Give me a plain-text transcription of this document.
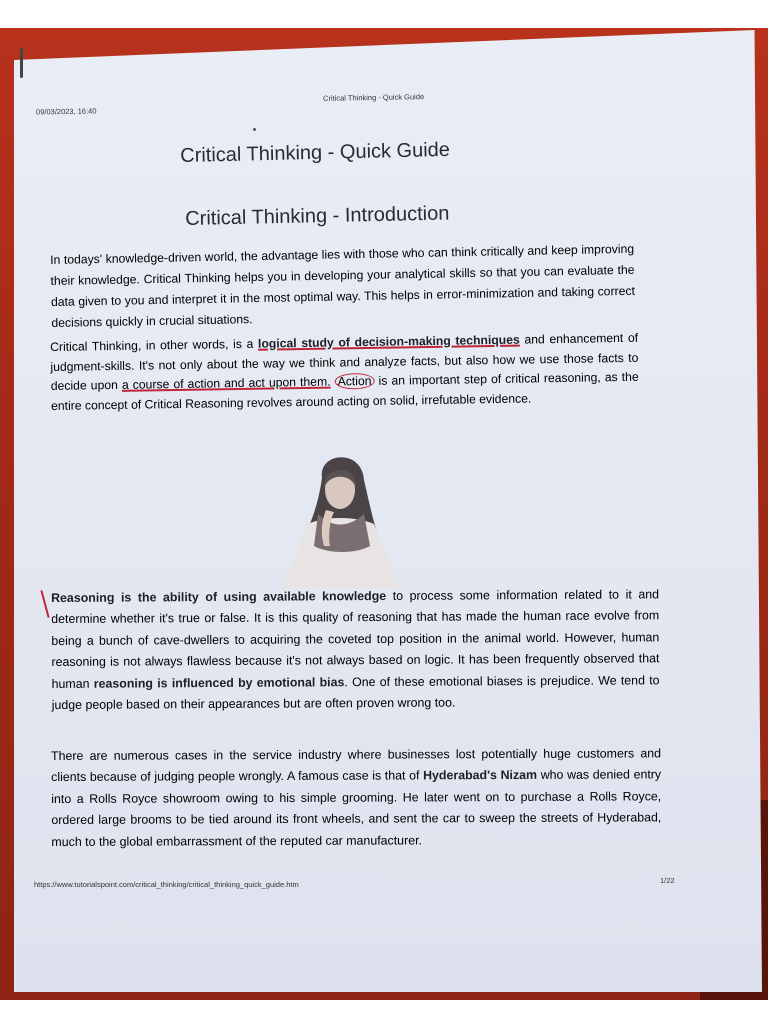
09/03/2023, 16:40
Critical Thinking - Quick Guide
Critical Thinking - Quick Guide
Critical Thinking - Introduction

In todays' knowledge-driven world, the advantage lies with those who can think critically and keep improving their knowledge. Critical Thinking helps you in developing your analytical skills so that you can evaluate the data given to you and interpret it in the most optimal way. This helps in error-minimization and taking correct decisions quickly in crucial situations.

Critical Thinking, in other words, is a logical study of decision-making techniques and enhancement of judgment-skills. It's not only about the way we think and analyze facts, but also how we use those facts to decide upon a course of action and act upon them. Action is an important step of critical reasoning, as the entire concept of Critical Reasoning revolves around acting on solid, irrefutable evidence.

Reasoning is the ability of using available knowledge to process some information related to it and determine whether it's true or false. It is this quality of reasoning that has made the human race evolve from being a bunch of cave-dwellers to acquiring the coveted top position in the animal world. However, human reasoning is not always flawless because it's not always based on logic. It has been frequently observed that human reasoning is influenced by emotional bias. One of these emotional biases is prejudice. We tend to judge people based on their appearances but are often proven wrong too.

There are numerous cases in the service industry where businesses lost potentially huge customers and clients because of judging people wrongly. A famous case is that of Hyderabad's Nizam who was denied entry into a Rolls Royce showroom owing to his simple grooming. He later went on to purchase a Rolls Royce, ordered large brooms to be tied around its front wheels, and sent the car to sweep the streets of Hyderabad, much to the global embarrassment of the reputed car manufacturer.

https://www.tutorialspoint.com/critical_thinking/critical_thinking_quick_guide.htm	1/22
